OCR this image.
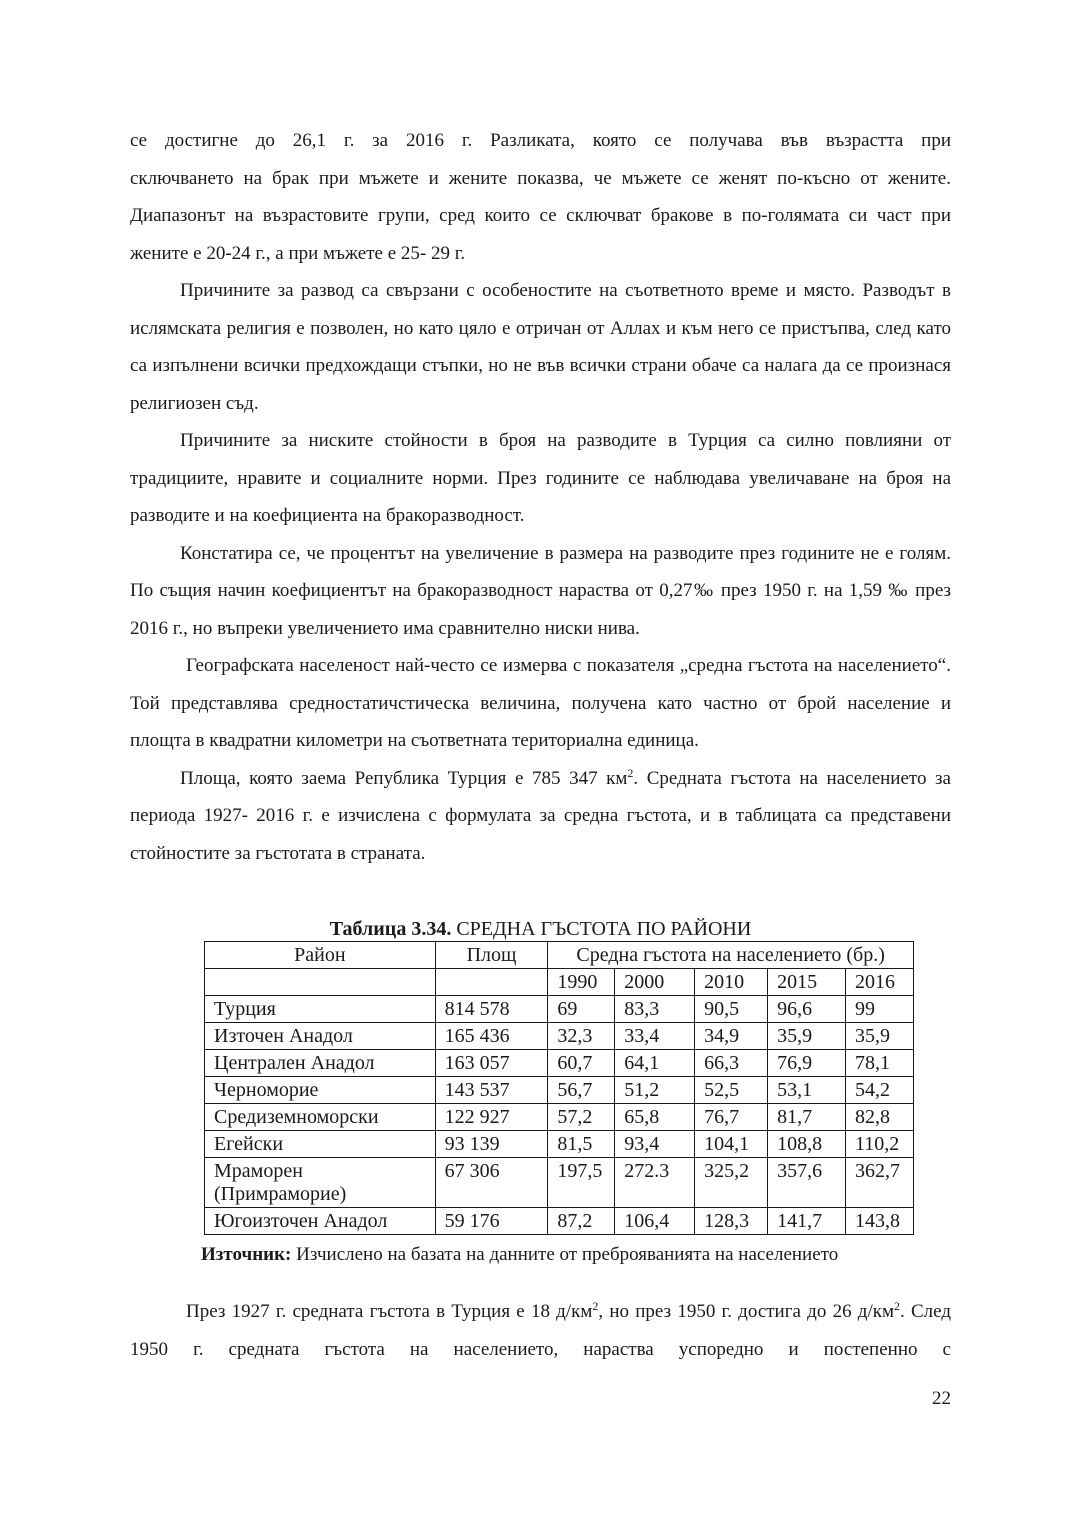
се достигне до 26,1 г. за 2016 г. Разликата, която се получава във възрастта при

сключването на брак при мъжете и жените показва, че мъжете се женят по-късно от жените. Диапазонът на възрастовите групи, сред които се сключват бракове в по-голямата си част при жените е 20-24 г., а при мъжете е 25- 29 г.

Причините за развод са свързани с особеностите на съответното време и място. Разводът в ислямската религия е позволен, но като цяло е отричан от Аллах и към него се пристъпва, след като са изпълнени всички предхождащи стъпки, но не във всички страни обаче са налага да се произнася религиозен съд.

Причините за ниските стойности в броя на разводите в Турция са силно повлияни от традициите, нравите и социалните норми. През годините се наблюдава увеличаване на броя на разводите и на коефициента на бракоразводност.

Констатира се, че процентът на увеличение в размера на разводите през годините не е голям. По същия начин коефициентът на бракоразводност нараства от 0,27‰ през 1950 г. на 1,59 ‰ през 2016 г., но въпреки увеличението има сравнително ниски нива.

Географската населеност най-често се измерва с показателя „средна гъстота на населението“. Той представлява средностатичстическа величина, получена като частно от брой население и площта в квадратни километри на съответната териториална единица.

Площа, която заема Република Турция е 785 347 $км^2$. Средната гъстота на населението за периода 1927- 2016 г. е изчислена с формулата за средна гъстота, и в таблицата са представени стойностите за гъстотата в страната.

Таблица 3.34. СРЕДНА ГЪСТОТА ПО РАЙОНИ
Район	Площ	Средна гъстота на населението (бр.)				
		1990	2000	2010	2015	2016
Турция	814 578	69	83,3	90,5	96,6	99
Източен Анадол	165 436	32,3	33,4	34,9	35,9	35,9
Централен Анадол	163 057	60,7	64,1	66,3	76,9	78,1
Черноморие	143 537	56,7	51,2	52,5	53,1	54,2
Средиземноморски	122 927	57,2	65,8	76,7	81,7	82,8
Егейски	93 139	81,5	93,4	104,1	108,8	110,2
Мраморен
(Примраморие)	67 306	197,5	272.3	325,2	357,6	362,7
Югоизточен Анадол	59 176	87,2	106,4	128,3	141,7	143,8
Източник: Изчислено на базата на данните от преброяванията на населението

През 1927 г. средната гъстота в Турция е 18 $д/км^2$, но през 1950 г. достига до 26 $д/км^2$. След 1950 г. средната гъстота на населението, нараства успоредно и постепенно с

22
